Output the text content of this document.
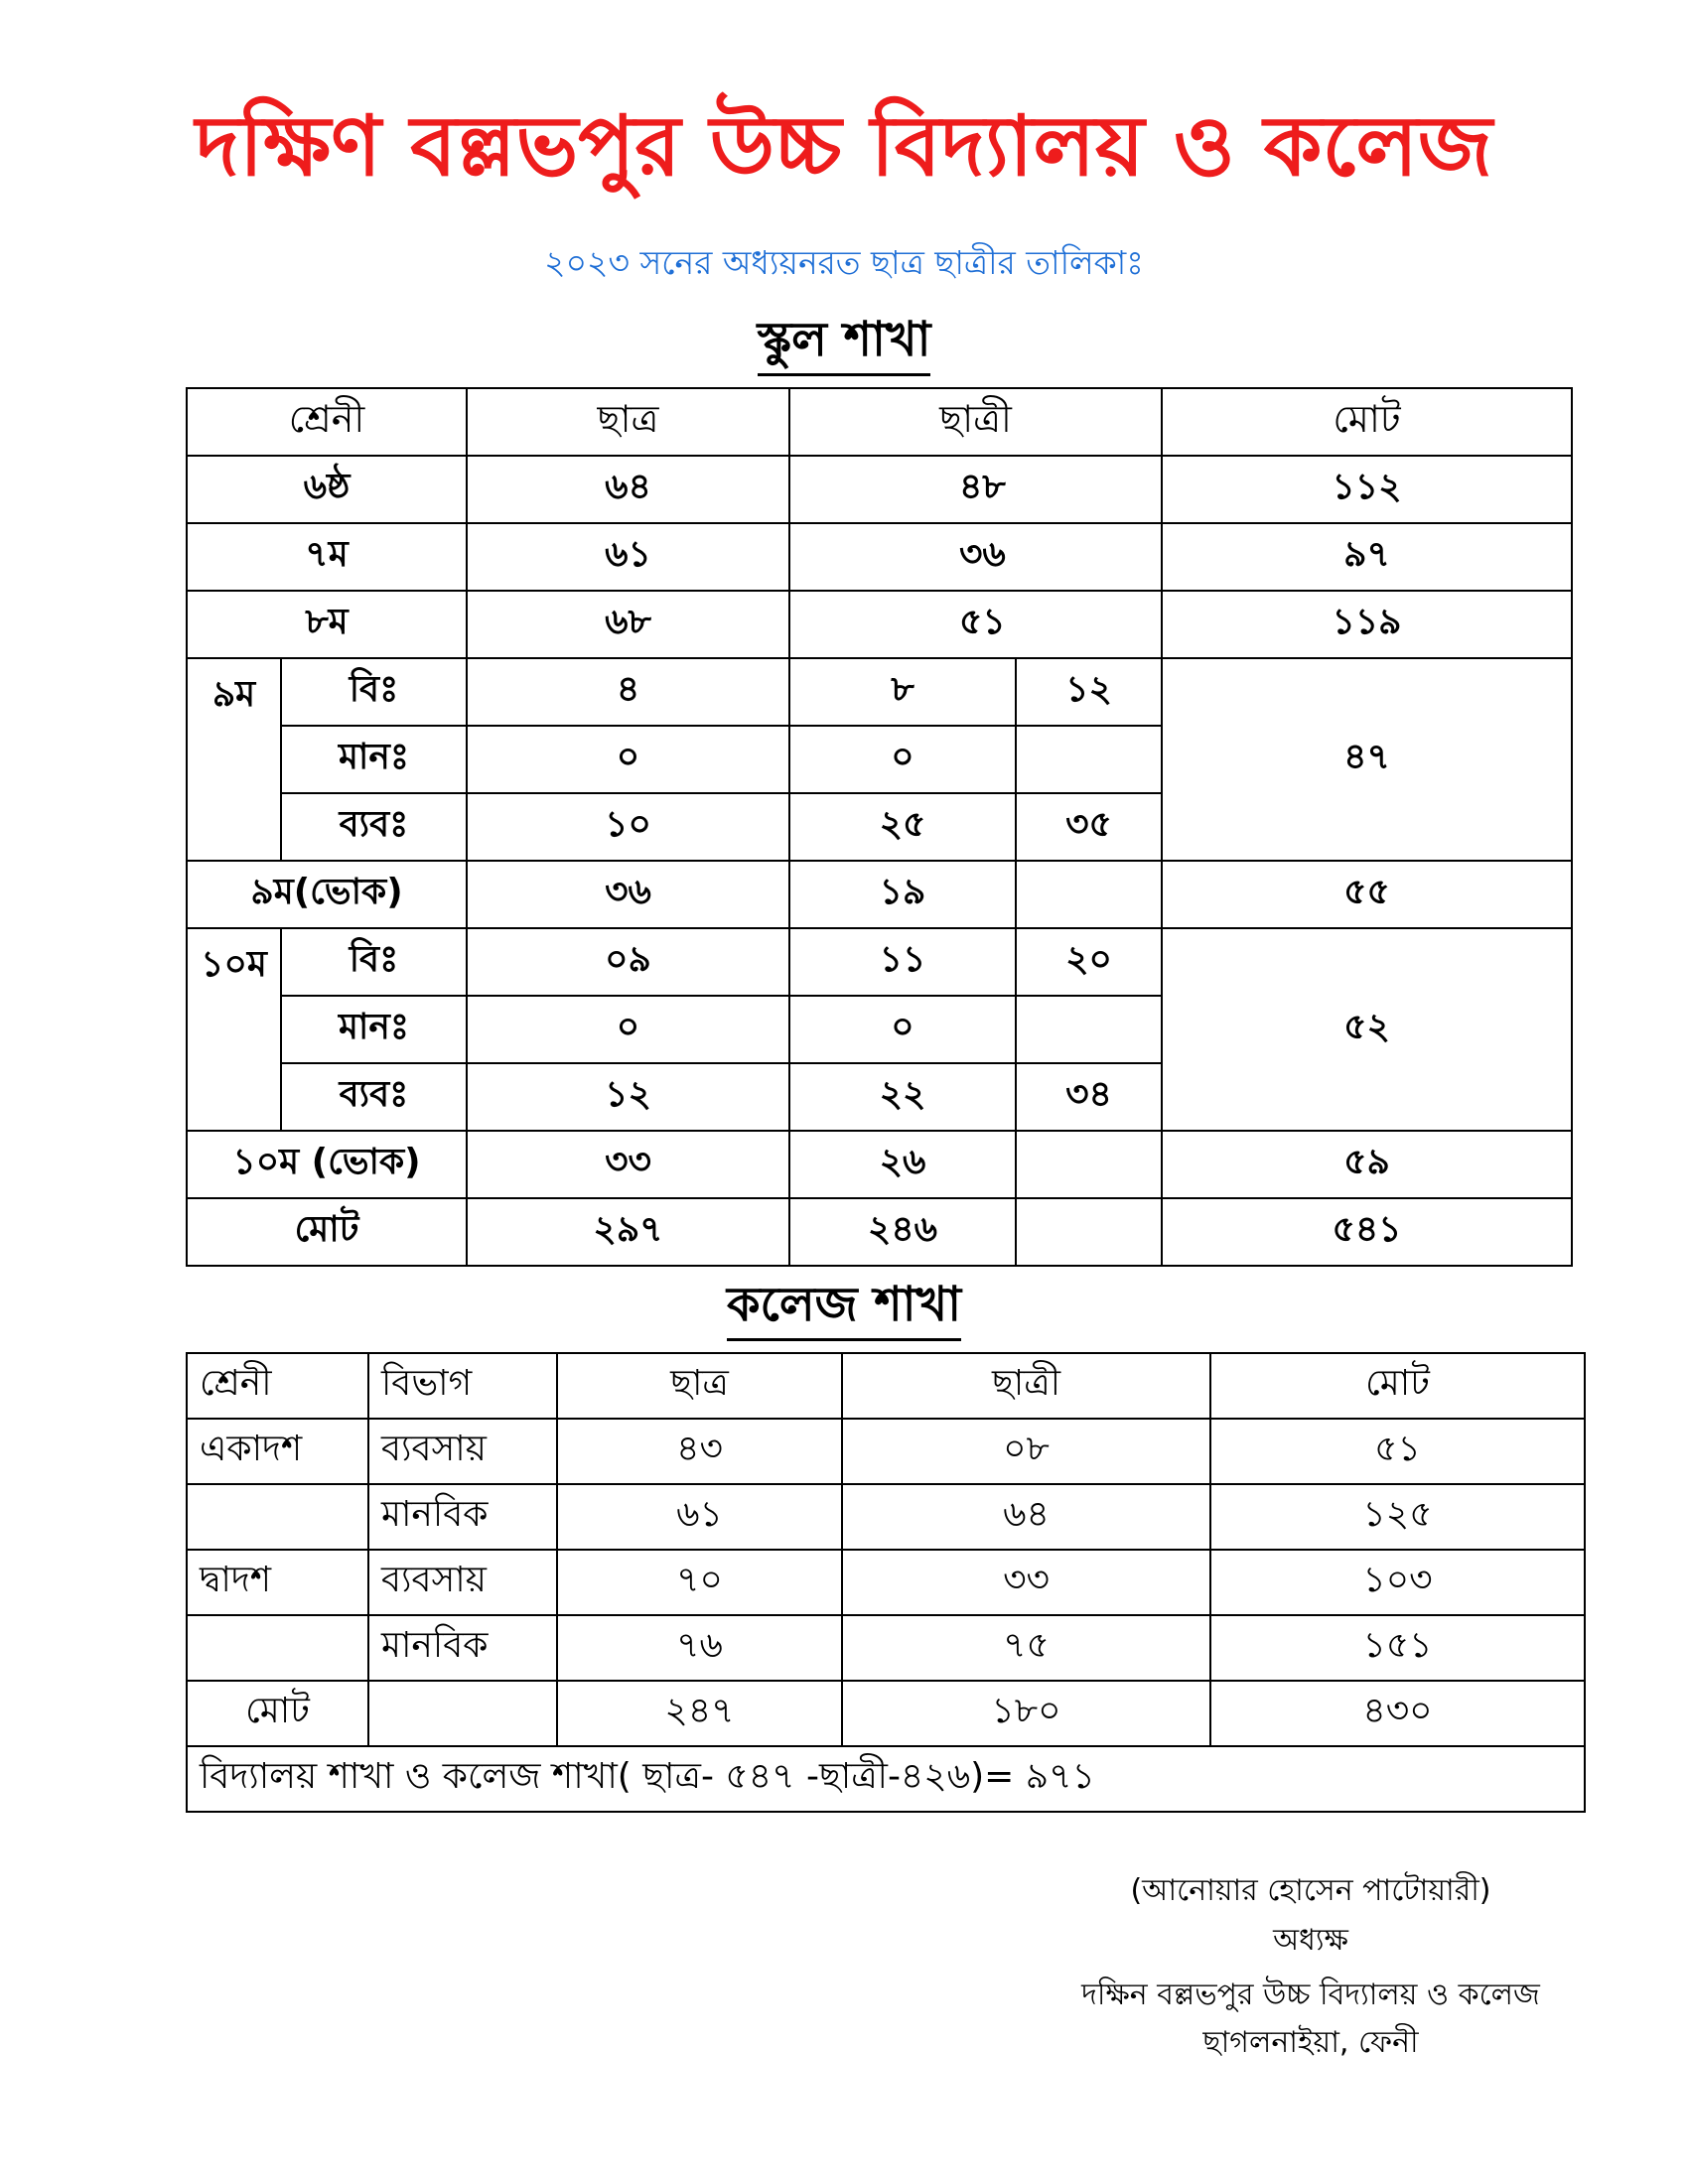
দক্ষিণ বল্লভপুর উচ্চ বিদ্যালয় ও কলেজ
২০২৩ সনের অধ্যয়নরত ছাত্র ছাত্রীর তালিকাঃ
স্কুল শাখা
শ্রেনী		ছাত্র	ছাত্রী		মোট
৬ষ্ঠ		৬৪	৪৮		১১২
৭ম		৬১	৩৬		৯৭
৮ম		৬৮	৫১		১১৯
৯ম	বিঃ	৪	৮	১২	৪৭
	মানঃ	০	০		
	ব্যবঃ	১০	২৫	৩৫	
৯ম(ভোক)		৩৬	১৯		৫৫
১০ম	বিঃ	০৯	১১	২০	৫২
	মানঃ	০	০		
	ব্যবঃ	১২	২২	৩৪	
১০ম (ভোক)		৩৩	২৬		৫৯
মোট		২৯৭	২৪৬		৫৪১
কলেজ শাখা
শ্রেনী	বিভাগ	ছাত্র	ছাত্রী	মোট
একাদশ	ব্যবসায়	৪৩	০৮	৫১
	মানবিক	৬১	৬৪	১২৫
দ্বাদশ	ব্যবসায়	৭০	৩৩	১০৩
	মানবিক	৭৬	৭৫	১৫১
মোট		২৪৭	১৮০	৪৩০
বিদ্যালয় শাখা ও কলেজ শাখা( ছাত্র- ৫৪৭ -ছাত্রী-৪২৬)= ৯৭১				
(আনোয়ার হোসেন পাটোয়ারী)
অধ্যক্ষ
দক্ষিন বল্লভপুর উচ্চ বিদ্যালয় ও কলেজ
ছাগলনাইয়া, ফেনী
